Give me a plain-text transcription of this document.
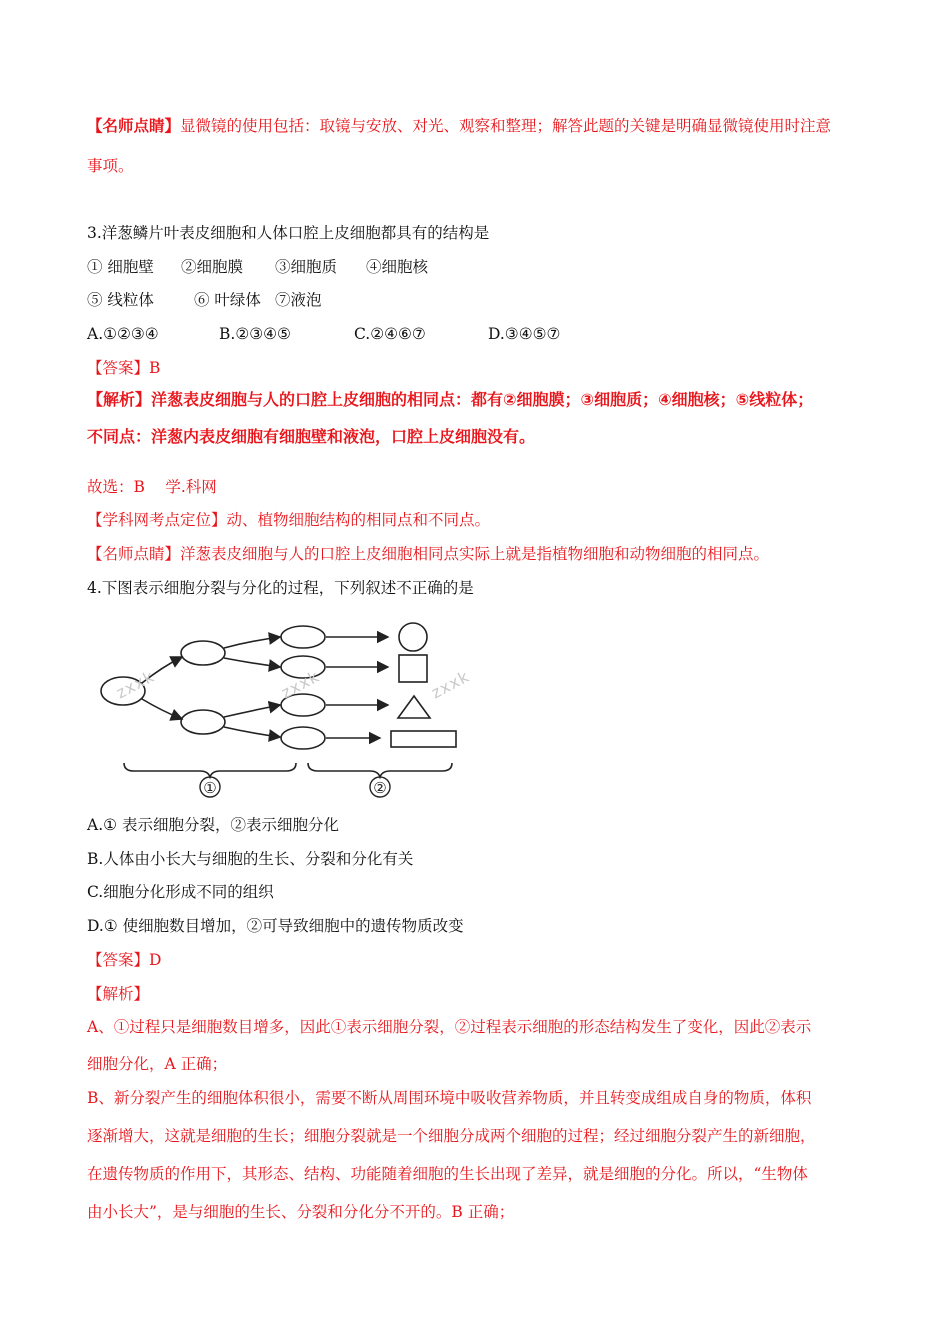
【名师点睛】显微镜的使用包括：取镜与安放、对光、观察和整理；解答此题的关键是明确显微镜使用时注意
事项。
3.洋葱鳞片叶表皮细胞和人体口腔上皮细胞都具有的结构是
① 细胞壁 ②细胞膜 ③细胞质 ④细胞核
⑤ 线粒体	⑥ 叶绿体 ⑦液泡
A.①②③④	B.②③④⑤	C.②④⑥⑦	D.③④⑤⑦
【答案】B
【解析】洋葱表皮细胞与人的口腔上皮细胞的相同点：都有②细胞膜；③细胞质；④细胞核；⑤线粒体；
不同点：洋葱内表皮细胞有细胞壁和液泡，口腔上皮细胞没有。
故选：B　 学.科网
【学科网考点定位】动、植物细胞结构的相同点和不同点。
【名师点睛】洋葱表皮细胞与人的口腔上皮细胞相同点实际上就是指植物细胞和动物细胞的相同点。
4.下图表示细胞分裂与分化的过程，下列叙述不正确的是
①	②
zxxk	zxxk	zxxk
A.① 表示细胞分裂，②表示细胞分化
B.人体由小长大与细胞的生长、分裂和分化有关
C.细胞分化形成不同的组织
D.① 使细胞数目增加，②可导致细胞中的遗传物质改变
【答案】D
【解析】
A、①过程只是细胞数目增多，因此①表示细胞分裂，②过程表示细胞的形态结构发生了变化，因此②表示
细胞分化，A 正确；
B、新分裂产生的细胞体积很小，需要不断从周围环境中吸收营养物质，并且转变成组成自身的物质，体积
逐渐增大，这就是细胞的生长；细胞分裂就是一个细胞分成两个细胞的过程；经过细胞分裂产生的新细胞，
在遗传物质的作用下，其形态、结构、功能随着细胞的生长出现了差异，就是细胞的分化。所以，“生物体
由小长大”，是与细胞的生长、分裂和分化分不开的。B 正确；
